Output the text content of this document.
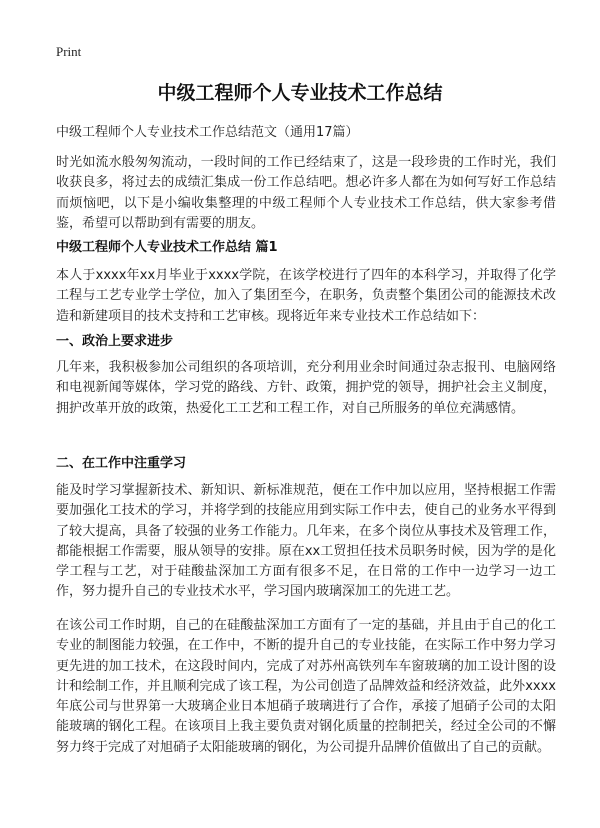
Print
中级工程师个人专业技术工作总结
中级工程师个人专业技术工作总结范文（通用17篇）

时光如流水般匆匆流动，一段时间的工作已经结束了，这是一段珍贵的工作时光，我们收获良多，将过去的成绩汇集成一份工作总结吧。想必许多人都在为如何写好工作总结而烦恼吧，以下是小编收集整理的中级工程师个人专业技术工作总结，供大家参考借鉴，希望可以帮助到有需要的朋友。

中级工程师个人专业技术工作总结 篇1

本人于xxxx年xx月毕业于xxxx学院，在该学校进行了四年的本科学习，并取得了化学工程与工艺专业学士学位，加入了集团至今，在职务，负责整个集团公司的能源技术改造和新建项目的技术支持和工艺审核。现将近年来专业技术工作总结如下：

一、政治上要求进步

几年来，我积极参加公司组织的各项培训，充分利用业余时间通过杂志报刊、电脑网络和电视新闻等媒体，学习党的路线、方针、政策，拥护党的领导，拥护社会主义制度，拥护改革开放的政策，热爱化工工艺和工程工作，对自己所服务的单位充满感情。

二、在工作中注重学习

能及时学习掌握新技术、新知识、新标准规范，便在工作中加以应用，坚持根据工作需要加强化工技术的学习，并将学到的技能应用到实际工作中去，使自己的业务水平得到了较大提高，具备了较强的业务工作能力。几年来，在多个岗位从事技术及管理工作，都能根据工作需要，服从领导的安排。原在xx工贸担任技术员职务时候，因为学的是化学工程与工艺，对于硅酸盐深加工方面有很多不足，在日常的工作中一边学习一边工作，努力提升自己的专业技术水平，学习国内玻璃深加工的先进工艺。

在该公司工作时期，自己的在硅酸盐深加工方面有了一定的基础，并且由于自己的化工专业的制图能力较强，在工作中，不断的提升自己的专业技能，在实际工作中努力学习更先进的加工技术，在这段时间内，完成了对苏州高铁列车车窗玻璃的加工设计图的设计和绘制工作，并且顺利完成了该工程，为公司创造了品牌效益和经济效益，此外xxxx年底公司与世界第一大玻璃企业日本旭硝子玻璃进行了合作，承接了旭硝子公司的太阳能玻璃的钢化工程。在该项目上我主要负责对钢化质量的控制把关，经过全公司的不懈努力终于完成了对旭硝子太阳能玻璃的钢化，为公司提升品牌价值做出了自己的贡献。
